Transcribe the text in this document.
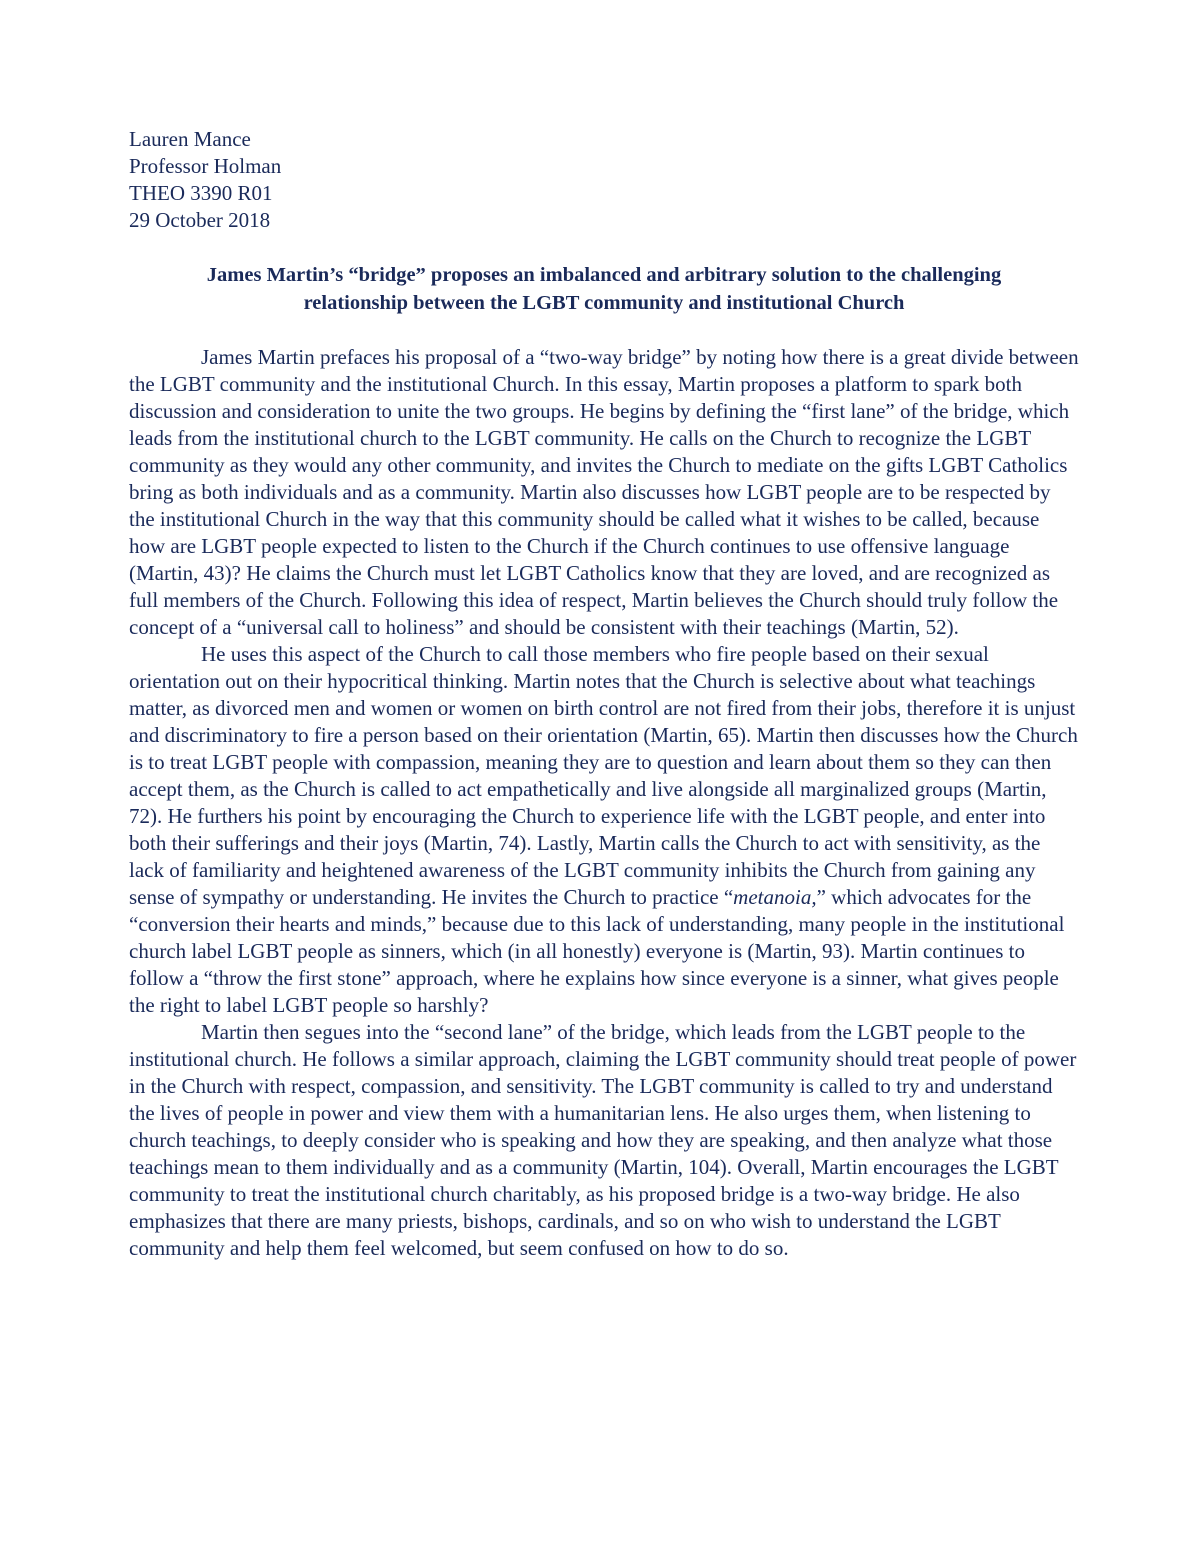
Lauren Mance
Professor Holman
THEO 3390 R01
29 October 2018
James Martin’s “bridge” proposes an imbalanced and arbitrary solution to the challenging
relationship between the LGBT community and institutional Church

James Martin prefaces his proposal of a “two-way bridge” by noting how there is a great divide between the LGBT community and the institutional Church. In this essay, Martin proposes a platform to spark both discussion and consideration to unite the two groups. He begins by defining the “first lane” of the bridge, which leads from the institutional church to the LGBT community. He calls on the Church to recognize the LGBT community as they would any other community, and invites the Church to mediate on the gifts LGBT Catholics bring as both individuals and as a community. Martin also discusses how LGBT people are to be respected by the institutional Church in the way that this community should be called what it wishes to be called, because how are LGBT people expected to listen to the Church if the Church continues to use offensive language (Martin, 43)? He claims the Church must let LGBT Catholics know that they are loved, and are recognized as full members of the Church. Following this idea of respect, Martin believes the Church should truly follow the concept of a “universal call to holiness” and should be consistent with their teachings (Martin, 52).

He uses this aspect of the Church to call those members who fire people based on their sexual orientation out on their hypocritical thinking. Martin notes that the Church is selective about what teachings matter, as divorced men and women or women on birth control are not fired from their jobs, therefore it is unjust and discriminatory to fire a person based on their orientation (Martin, 65). Martin then discusses how the Church is to treat LGBT people with compassion, meaning they are to question and learn about them so they can then accept them, as the Church is called to act empathetically and live alongside all marginalized groups (Martin, 72). He furthers his point by encouraging the Church to experience life with the LGBT people, and enter into both their sufferings and their joys (Martin, 74). Lastly, Martin calls the Church to act with sensitivity, as the lack of familiarity and heightened awareness of the LGBT community inhibits the Church from gaining any sense of sympathy or understanding. He invites the Church to practice “metanoia,” which advocates for the “conversion their hearts and minds,” because due to this lack of understanding, many people in the institutional church label LGBT people as sinners, which (in all honestly) everyone is (Martin, 93). Martin continues to follow a “throw the first stone” approach, where he explains how since everyone is a sinner, what gives people the right to label LGBT people so harshly?

Martin then segues into the “second lane” of the bridge, which leads from the LGBT people to the institutional church. He follows a similar approach, claiming the LGBT community should treat people of power in the Church with respect, compassion, and sensitivity. The LGBT community is called to try and understand the lives of people in power and view them with a humanitarian lens. He also urges them, when listening to church teachings, to deeply consider who is speaking and how they are speaking, and then analyze what those teachings mean to them individually and as a community (Martin, 104). Overall, Martin encourages the LGBT community to treat the institutional church charitably, as his proposed bridge is a two-way bridge. He also emphasizes that there are many priests, bishops, cardinals, and so on who wish to understand the LGBT community and help them feel welcomed, but seem confused on how to do so.
